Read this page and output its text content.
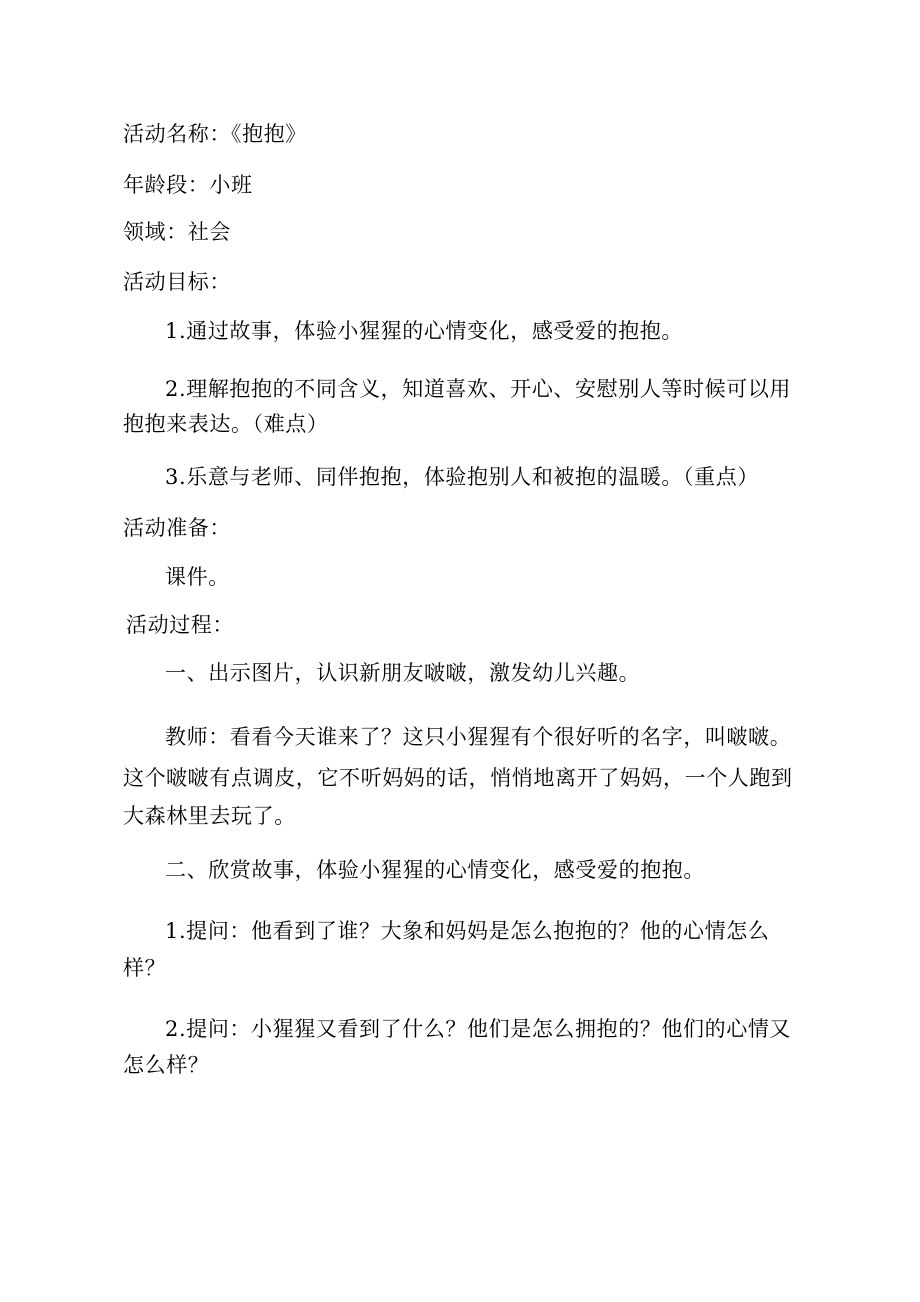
活动名称：《抱抱》

年龄段：小班

领域：社会

活动目标：

1.通过故事，体验小猩猩的心情变化，感受爱的抱抱。

2.理解抱抱的不同含义，知道喜欢、开心、安慰别人等时候可以用

抱抱来表达。（难点）

3.乐意与老师、同伴抱抱，体验抱别人和被抱的温暖。（重点）

活动准备：

课件。

活动过程：

一、出示图片，认识新朋友啵啵，激发幼儿兴趣。

教师：看看今天谁来了？这只小猩猩有个很好听的名字，叫啵啵。

这个啵啵有点调皮，它不听妈妈的话，悄悄地离开了妈妈，一个人跑到

大森林里去玩了。

二、欣赏故事，体验小猩猩的心情变化，感受爱的抱抱。

1.提问：他看到了谁？大象和妈妈是怎么抱抱的？他的心情怎么

样？

2.提问：小猩猩又看到了什么？他们是怎么拥抱的？他们的心情又

怎么样？
